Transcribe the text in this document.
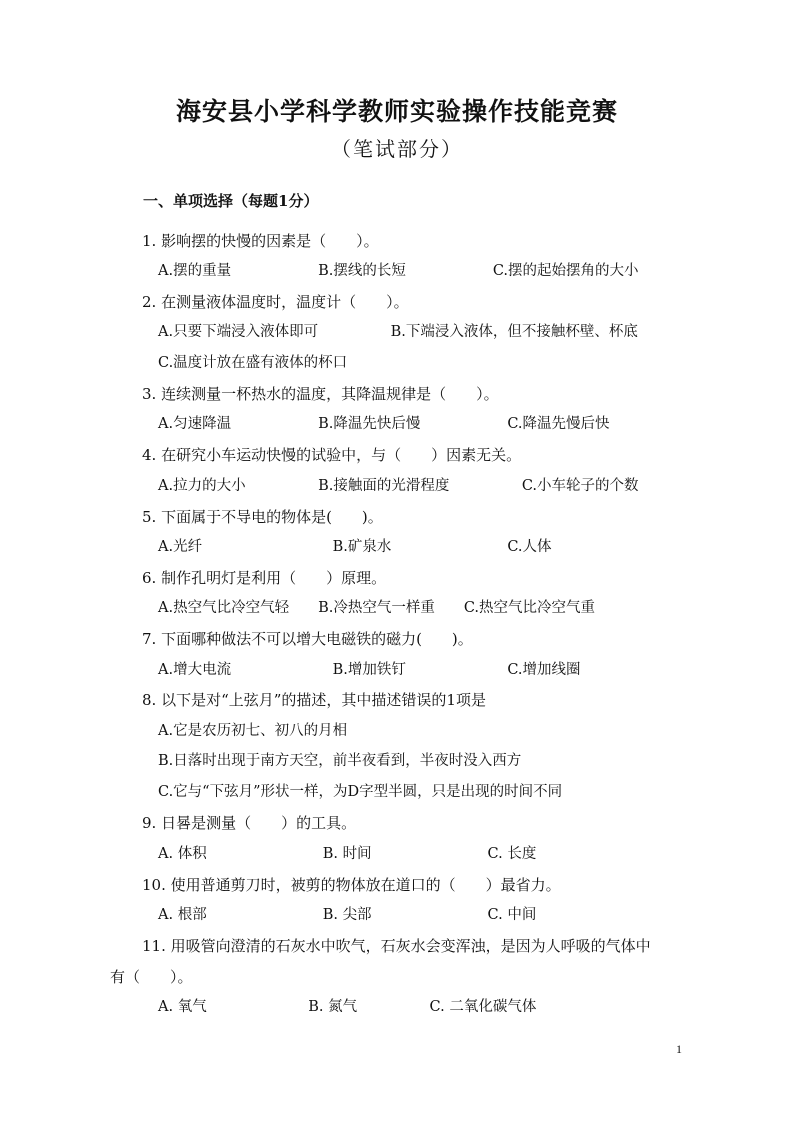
海安县小学科学教师实验操作技能竞赛
（笔试部分）
一、单项选择（每题1分）
1. 影响摆的快慢的因素是（　　）。
A.摆的重量　　　　　　B.摆线的长短　　　　　　C.摆的起始摆角的大小
2. 在测量液体温度时，温度计（　　）。
A.只要下端浸入液体即可　　　　　B.下端浸入液体，但不接触杯壁、杯底
C.温度计放在盛有液体的杯口
3. 连续测量一杯热水的温度，其降温规律是（　　）。
A.匀速降温　　　　　　B.降温先快后慢　　　　　　C.降温先慢后快
4. 在研究小车运动快慢的试验中，与（　　）因素无关。
A.拉力的大小　　　　　B.接触面的光滑程度　　　　　C.小车轮子的个数
5. 下面属于不导电的物体是(　　)。
A.光纤　　　　　　　　　B.矿泉水　　　　　　　　C.人体
6. 制作孔明灯是利用（　　）原理。
A.热空气比冷空气轻　　B.冷热空气一样重　　C.热空气比冷空气重
7. 下面哪种做法不可以增大电磁铁的磁力(　　)。
A.增大电流　　　　　　　B.增加铁钉　　　　　　　C.增加线圈
8. 以下是对“上弦月”的描述，其中描述错误的1项是
A.它是农历初七、初八的月相
B.日落时出现于南方天空，前半夜看到，半夜时没入西方
C.它与“下弦月”形状一样，为D字型半圆，只是出现的时间不同
9. 日晷是测量（　　）的工具。
A. 体积　　　　　　　　B. 时间　　　　　　　　C. 长度
10. 使用普通剪刀时，被剪的物体放在道口的（　　）最省力。
A. 根部　　　　　　　　B. 尖部　　　　　　　　C. 中间
11. 用吸管向澄清的石灰水中吹气，石灰水会变浑浊，是因为人呼吸的气体中
有（　　）。
A. 氧气　　　　　　　B. 氮气　　　　　C. 二氧化碳气体
1
